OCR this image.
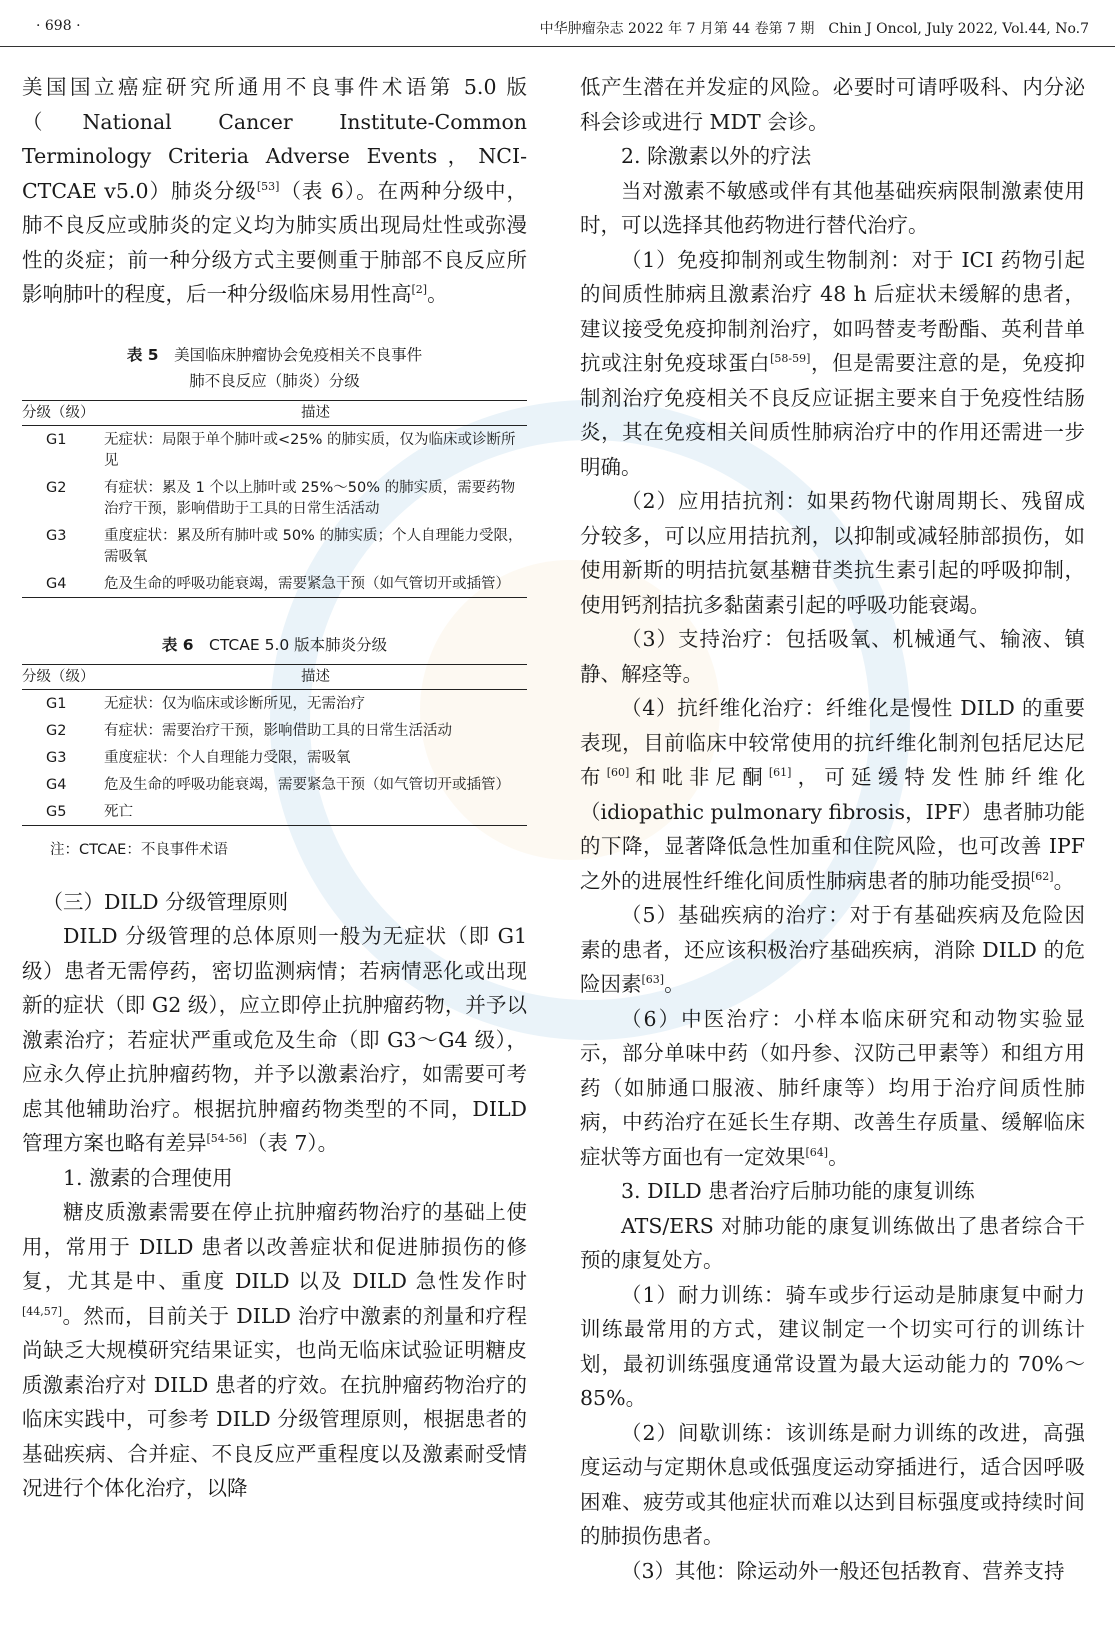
· 698 ·	中华肿瘤杂志 2022 年 7 月第 44 卷第 7 期　Chin J Oncol, July 2022, Vol.44, No.7

美国国立癌症研究所通用不良事件术语第 5.0 版（National Cancer Institute-Common Terminology Criteria Adverse Events，NCI-CTCAE v5.0）肺炎分级[53]（表 6）。在两种分级中，肺不良反应或肺炎的定义均为肺实质出现局灶性或弥漫性的炎症；前一种分级方式主要侧重于肺部不良反应所影响肺叶的程度，后一种分级临床易用性高[2]。

表 5　 美国临床肿瘤协会免疫相关不良事件

肺不良反应（肺炎）分级

分级（级）	描述
G1	无症状：局限于单个肺叶或<25% 的肺实质，仅为临床或诊断所见
G2	有症状：累及 1 个以上肺叶或 25%～50% 的肺实质，需要药物治疗干预，影响借助于工具的日常生活活动
G3	重度症状：累及所有肺叶或 50% 的肺实质；个人自理能力受限，需吸氧
G4	危及生命的呼吸功能衰竭，需要紧急干预（如气管切开或插管）

表 6　 CTCAE 5.0 版本肺炎分级

分级（级）	描述
G1	无症状：仅为临床或诊断所见，无需治疗
G2	有症状：需要治疗干预，影响借助工具的日常生活活动
G3	重度症状：个人自理能力受限，需吸氧
G4	危及生命的呼吸功能衰竭，需要紧急干预（如气管切开或插管）
G5	死亡
注：CTCAE：不良事件术语

（三）DILD 分级管理原则

DILD 分级管理的总体原则一般为无症状（即 G1 级）患者无需停药，密切监测病情；若病情恶化或出现新的症状（即 G2 级），应立即停止抗肿瘤药物，并予以激素治疗；若症状严重或危及生命（即 G3～G4 级），应永久停止抗肿瘤药物，并予以激素治疗，如需要可考虑其他辅助治疗。根据抗肿瘤药物类型的不同，DILD 管理方案也略有差异[54-56]（表 7）。

1. 激素的合理使用

糖皮质激素需要在停止抗肿瘤药物治疗的基础上使用，常用于 DILD 患者以改善症状和促进肺损伤的修复，尤其是中、重度 DILD 以及 DILD 急性发作时[44,57]。然而，目前关于 DILD 治疗中激素的剂量和疗程尚缺乏大规模研究结果证实，也尚无临床试验证明糖皮质激素治疗对 DILD 患者的疗效。在抗肿瘤药物治疗的临床实践中，可参考 DILD 分级管理原则，根据患者的基础疾病、合并症、不良反应严重程度以及激素耐受情况进行个体化治疗，以降

低产生潜在并发症的风险。必要时可请呼吸科、内分泌科会诊或进行 MDT 会诊。

2. 除激素以外的疗法

当对激素不敏感或伴有其他基础疾病限制激素使用时，可以选择其他药物进行替代治疗。

（1）免疫抑制剂或生物制剂：对于 ICI 药物引起的间质性肺病且激素治疗 48 h 后症状未缓解的患者，建议接受免疫抑制剂治疗，如吗替麦考酚酯、英利昔单抗或注射免疫球蛋白[58-59]，但是需要注意的是，免疫抑制剂治疗免疫相关不良反应证据主要来自于免疫性结肠炎，其在免疫相关间质性肺病治疗中的作用还需进一步明确。

（2）应用拮抗剂：如果药物代谢周期长、残留成分较多，可以应用拮抗剂，以抑制或减轻肺部损伤，如使用新斯的明拮抗氨基糖苷类抗生素引起的呼吸抑制，使用钙剂拮抗多黏菌素引起的呼吸功能衰竭。

（3）支持治疗：包括吸氧、机械通气、输液、镇静、解痉等。

（4）抗纤维化治疗：纤维化是慢性 DILD 的重要表现，目前临床中较常使用的抗纤维化制剂包括尼达尼布[60]和吡非尼酮[61]，可延缓特发性肺纤维化（idiopathic pulmonary fibrosis，IPF）患者肺功能的下降，显著降低急性加重和住院风险，也可改善 IPF 之外的进展性纤维化间质性肺病患者的肺功能受损[62]。

（5）基础疾病的治疗：对于有基础疾病及危险因素的患者，还应该积极治疗基础疾病，消除 DILD 的危险因素[63]。

（6）中医治疗：小样本临床研究和动物实验显示，部分单味中药（如丹参、汉防己甲素等）和组方用药（如肺通口服液、肺纤康等）均用于治疗间质性肺病，中药治疗在延长生存期、改善生存质量、缓解临床症状等方面也有一定效果[64]。

3. DILD 患者治疗后肺功能的康复训练

ATS/ERS 对肺功能的康复训练做出了患者综合干预的康复处方。

（1）耐力训练：骑车或步行运动是肺康复中耐力训练最常用的方式，建议制定一个切实可行的训练计划，最初训练强度通常设置为最大运动能力的 70%～85%。

（2）间歇训练：该训练是耐力训练的改进，高强度运动与定期休息或低强度运动穿插进行，适合因呼吸困难、疲劳或其他症状而难以达到目标强度或持续时间的肺损伤患者。

（3）其他：除运动外一般还包括教育、营养支持
